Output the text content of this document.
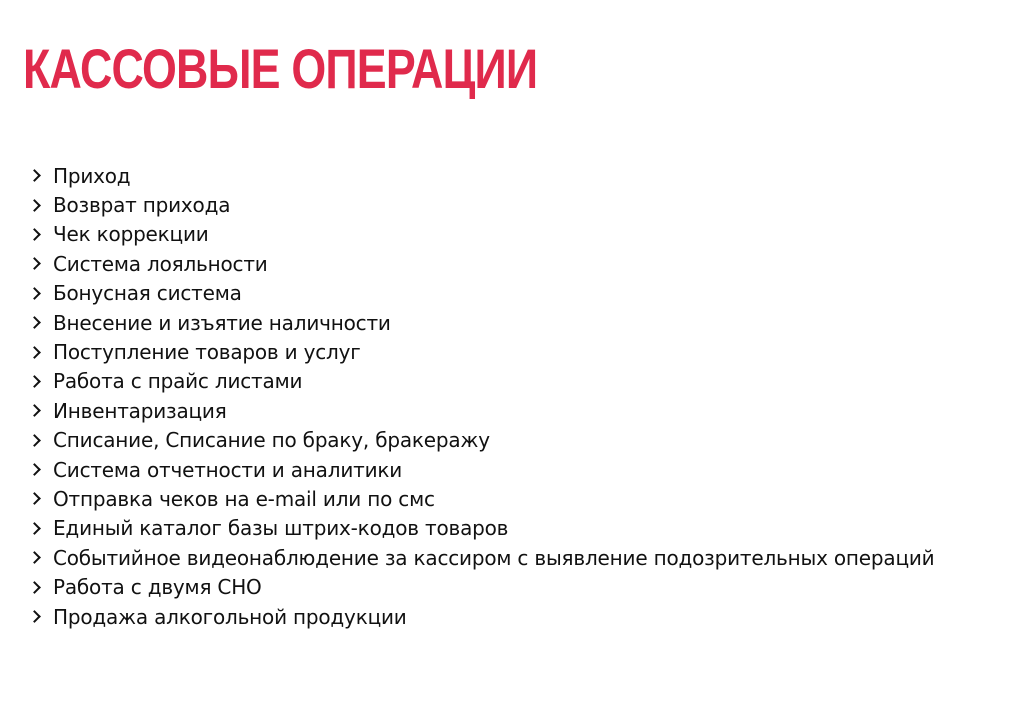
КАССОВЫЕ ОПЕРАЦИИ
Приход
Возврат прихода
Чек коррекции
Система лояльности
Бонусная система
Внесение и изъятие наличности
Поступление товаров и услуг
Работа с прайс листами
Инвентаризация
Списание, Списание по браку, бракеражу
Система отчетности и аналитики
Отправка чеков на e-mail или по смс
Единый каталог базы штрих-кодов товаров
Событийное видеонаблюдение за кассиром с выявление подозрительных операций
Работа с двумя СНО
Продажа алкогольной продукции
